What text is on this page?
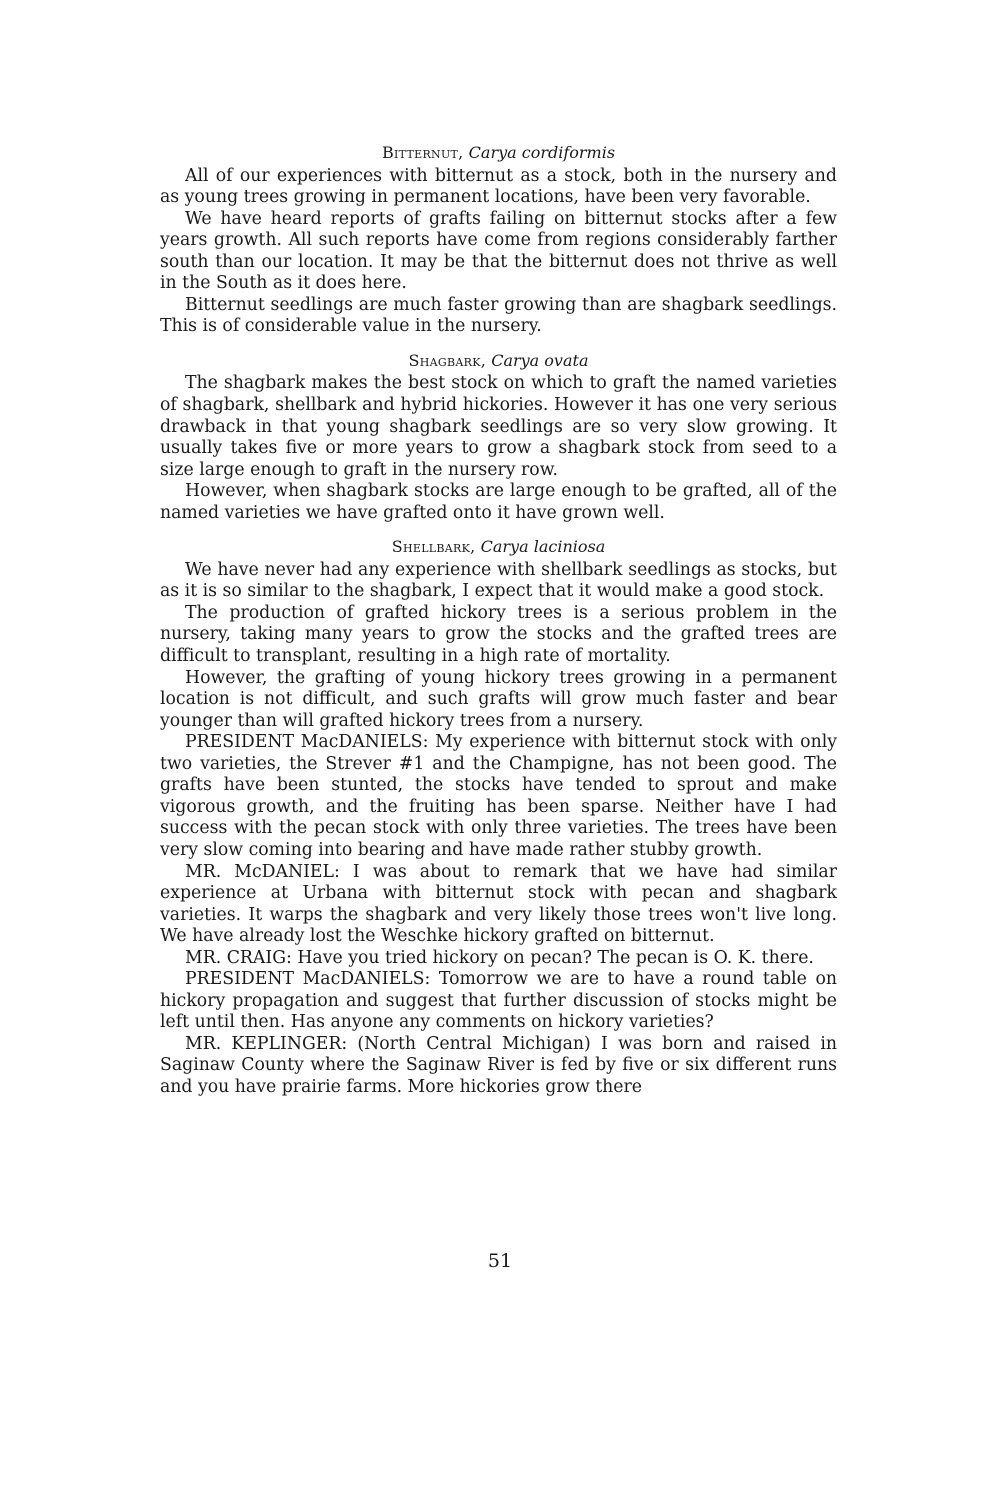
Bitternut, Carya cordiformis

All of our experiences with bitternut as a stock, both in the nursery and as young trees growing in permanent locations, have been very favorable.

We have heard reports of grafts failing on bitternut stocks after a few years growth. All such reports have come from regions considerably farther south than our location. It may be that the bitternut does not thrive as well in the South as it does here.

Bitternut seedlings are much faster growing than are shagbark seedlings. This is of considerable value in the nursery.

Shagbark, Carya ovata

The shagbark makes the best stock on which to graft the named varieties of shagbark, shellbark and hybrid hickories. However it has one very serious drawback in that young shagbark seedlings are so very slow growing. It usually takes five or more years to grow a shagbark stock from seed to a size large enough to graft in the nursery row.

However, when shagbark stocks are large enough to be grafted, all of the named varieties we have grafted onto it have grown well.

Shellbark, Carya laciniosa

We have never had any experience with shellbark seedlings as stocks, but as it is so similar to the shagbark, I expect that it would make a good stock.

The production of grafted hickory trees is a serious problem in the nursery, taking many years to grow the stocks and the grafted trees are difficult to transplant, resulting in a high rate of mortality.

However, the grafting of young hickory trees growing in a permanent location is not difficult, and such grafts will grow much faster and bear younger than will grafted hickory trees from a nursery.

PRESIDENT MacDANIELS: My experience with bitternut stock with only two varieties, the Strever #1 and the Champigne, has not been good. The grafts have been stunted, the stocks have tended to sprout and make vigorous growth, and the fruiting has been sparse. Neither have I had success with the pecan stock with only three varieties. The trees have been very slow coming into bearing and have made rather stubby growth.

MR. McDANIEL: I was about to remark that we have had similar experience at Urbana with bitternut stock with pecan and shagbark varieties. It warps the shagbark and very likely those trees won't live long. We have already lost the Weschke hickory grafted on bitternut.

MR. CRAIG: Have you tried hickory on pecan? The pecan is O. K. there.

PRESIDENT MacDANIELS: Tomorrow we are to have a round table on hickory propagation and suggest that further discussion of stocks might be left until then. Has anyone any comments on hickory varieties?

MR. KEPLINGER: (North Central Michigan) I was born and raised in Saginaw County where the Saginaw River is fed by five or six different runs and you have prairie farms. More hickories grow there

51
